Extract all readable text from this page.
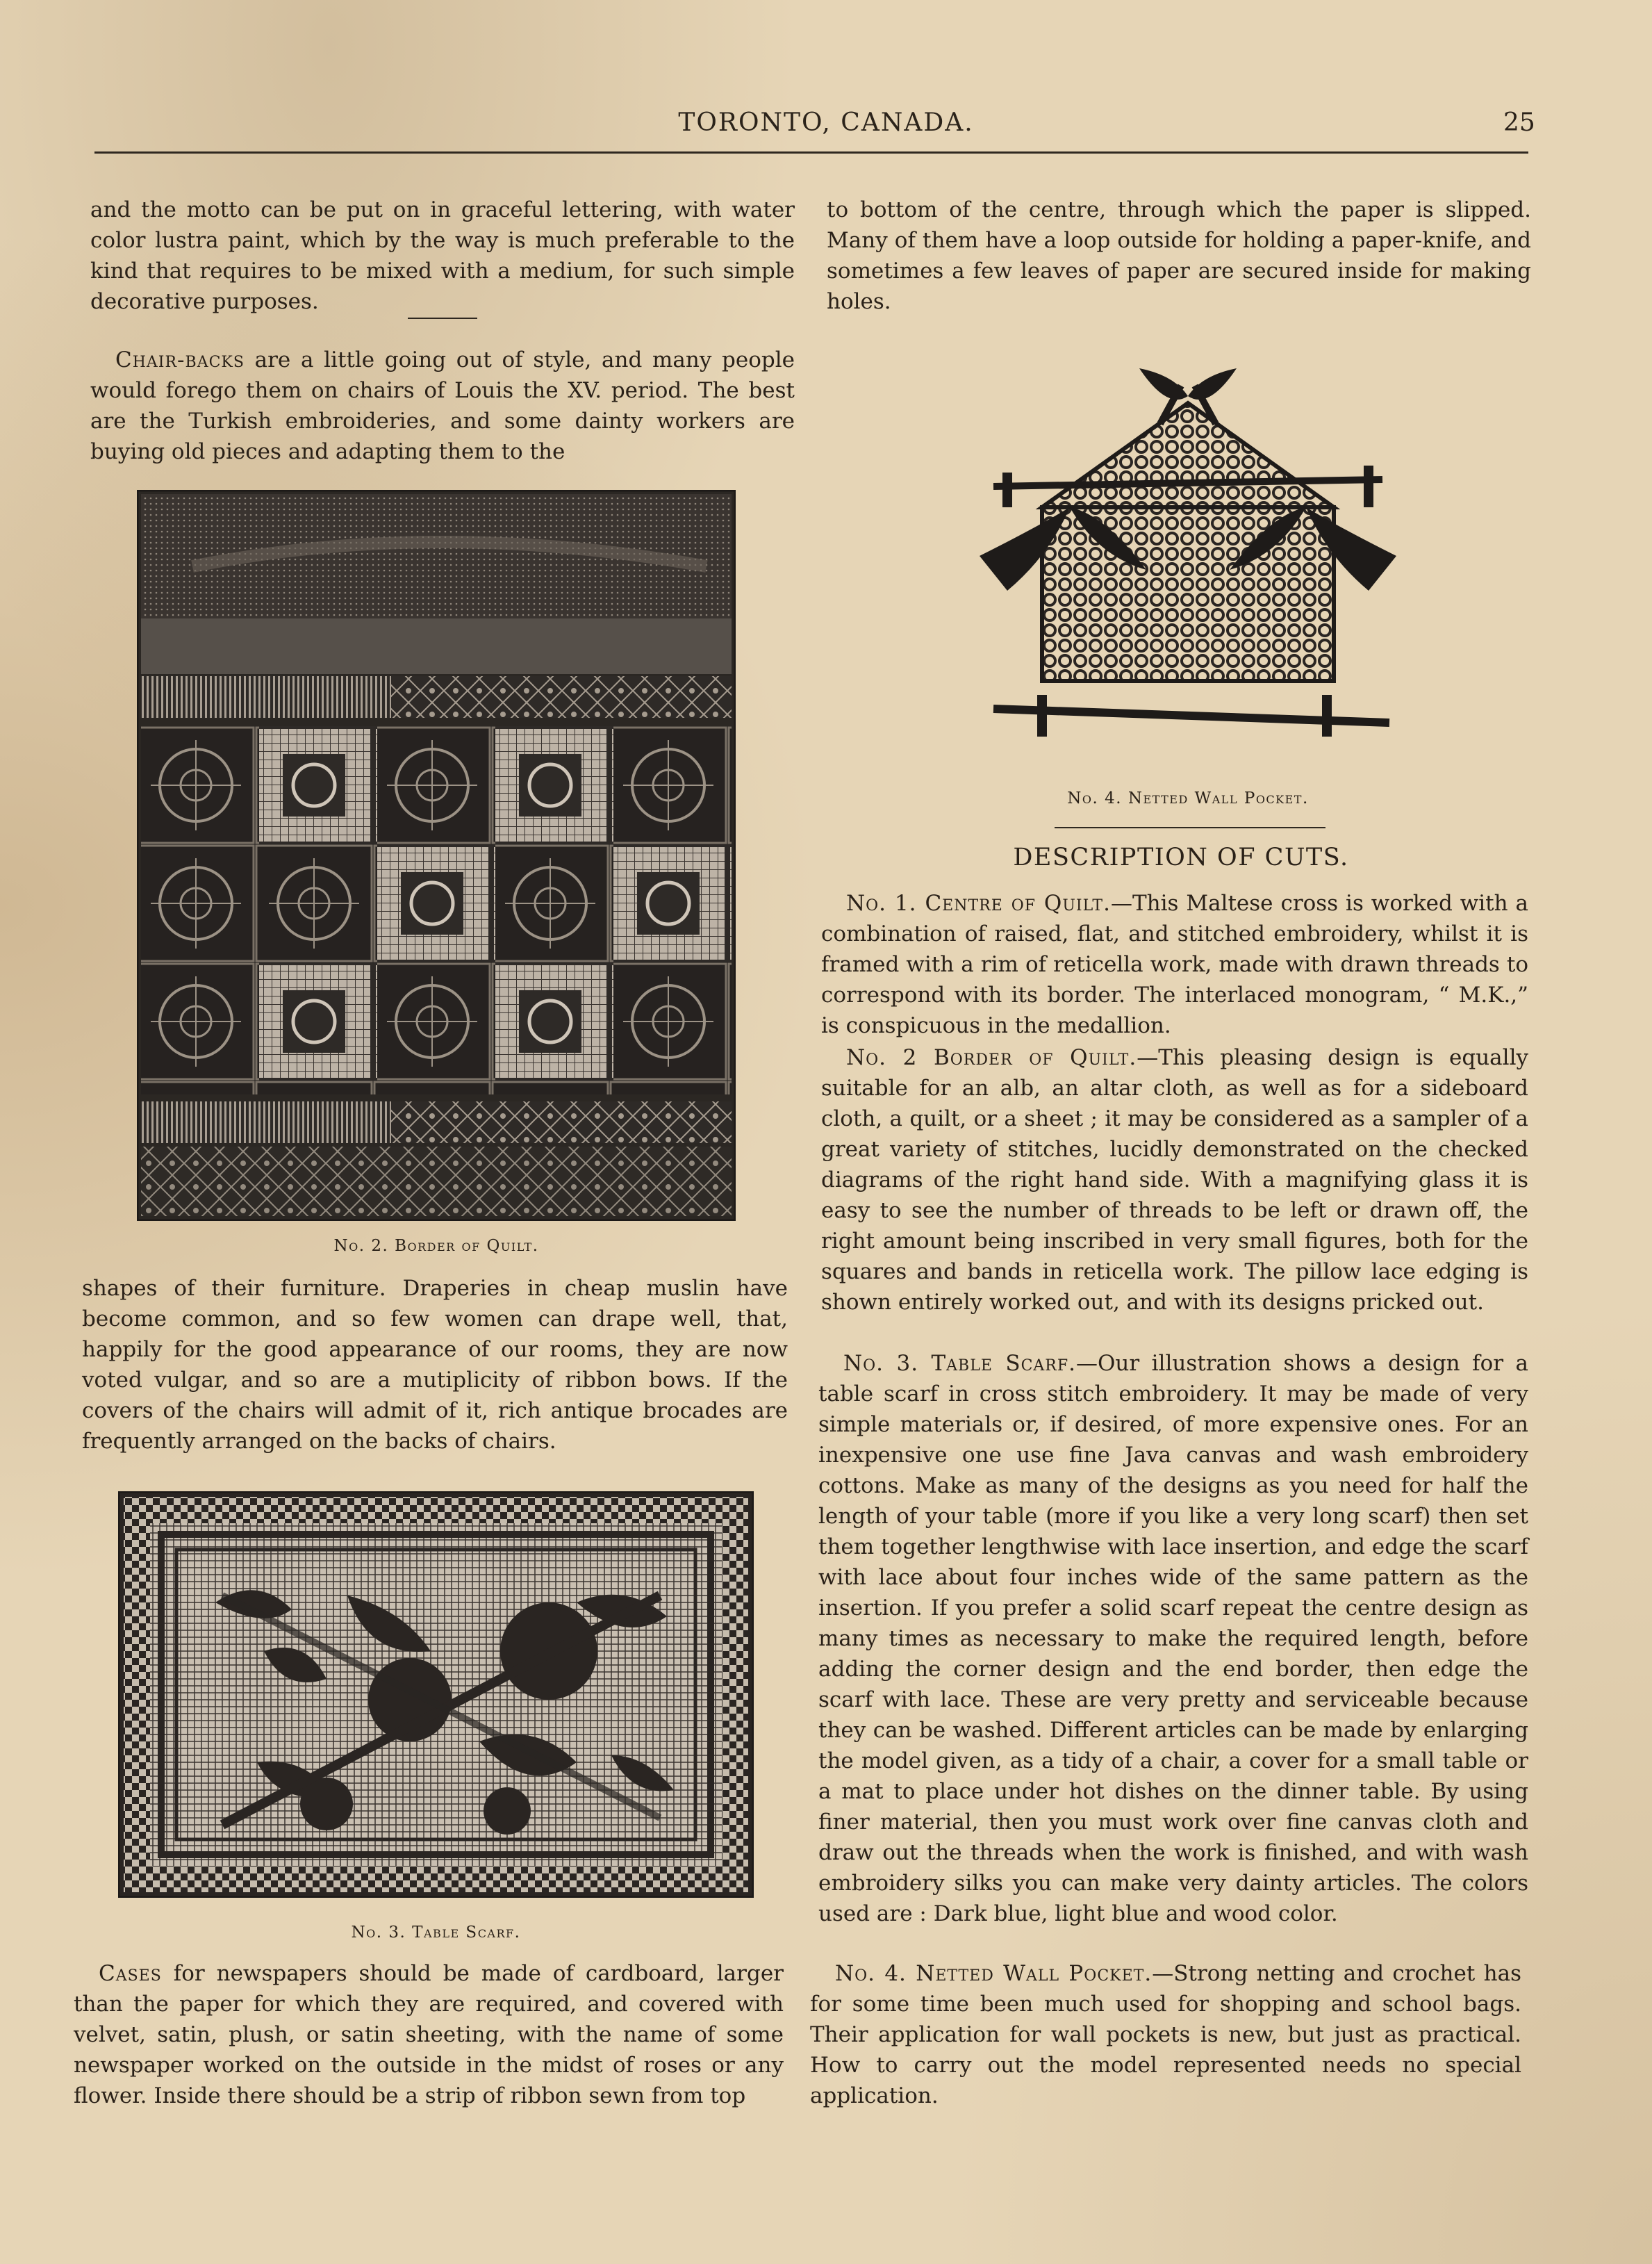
TORONTO, CANADA.	25

and the motto can be put on in graceful lettering, with water color lustra paint, which by the way is much preferable to the kind that requires to be mixed with a medium, for such simple decorative purposes.

Chair-backs are a little going out of style, and many people would forego them on chairs of Louis the XV. period. The best are the Turkish embroideries, and some dainty workers are buying old pieces and adapting them to the

No. 2. Border of Quilt.

shapes of their furniture. Draperies in cheap muslin have become common, and so few women can drape well, that, happily for the good appearance of our rooms, they are now voted vulgar, and so are a mutiplicity of ribbon bows. If the covers of the chairs will admit of it, rich antique brocades are frequently arranged on the backs of chairs.

No. 3. Table Scarf.

Cases for newspapers should be made of cardboard, larger than the paper for which they are required, and covered with velvet, satin, plush, or satin sheeting, with the name of some newspaper worked on the outside in the midst of roses or any flower. Inside there should be a strip of ribbon sewn from top

to bottom of the centre, through which the paper is slipped. Many of them have a loop outside for holding a paper-knife, and sometimes a few leaves of paper are secured inside for making holes.

No. 4. Netted Wall Pocket.
DESCRIPTION OF CUTS.

No. 1. Centre of Quilt.—This Maltese cross is worked with a combination of raised, flat, and stitched embroidery, whilst it is framed with a rim of reticella work, made with drawn threads to correspond with its border. The interlaced monogram, “ M.K.,” is conspicuous in the medallion.

No. 2 Border of Quilt.—This pleasing design is equally suitable for an alb, an altar cloth, as well as for a sideboard cloth, a quilt, or a sheet ; it may be considered as a sampler of a great variety of stitches, lucidly demonstrated on the checked diagrams of the right hand side. With a magnifying glass it is easy to see the number of threads to be left or drawn off, the right amount being inscribed in very small figures, both for the squares and bands in reticella work. The pillow lace edging is shown entirely worked out, and with its designs pricked out.

No. 3. Table Scarf.—Our illustration shows a design for a table scarf in cross stitch embroidery. It may be made of very simple materials or, if desired, of more expensive ones. For an inexpensive one use fine Java canvas and wash embroidery cottons. Make as many of the designs as you need for half the length of your table (more if you like a very long scarf) then set them together lengthwise with lace insertion, and edge the scarf with lace about four inches wide of the same pattern as the insertion. If you prefer a solid scarf repeat the centre design as many times as necessary to make the required length, before adding the corner design and the end border, then edge the scarf with lace. These are very pretty and serviceable because they can be washed. Different articles can be made by enlarging the model given, as a tidy of a chair, a cover for a small table or a mat to place under hot dishes on the dinner table. By using finer material, then you must work over fine canvas cloth and draw out the threads when the work is finished, and with wash embroidery silks you can make very dainty articles. The colors used are : Dark blue, light blue and wood color.

No. 4. Netted Wall Pocket.—Strong netting and crochet has for some time been much used for shopping and school bags. Their application for wall pockets is new, but just as practical. How to carry out the model represented needs no special application.
